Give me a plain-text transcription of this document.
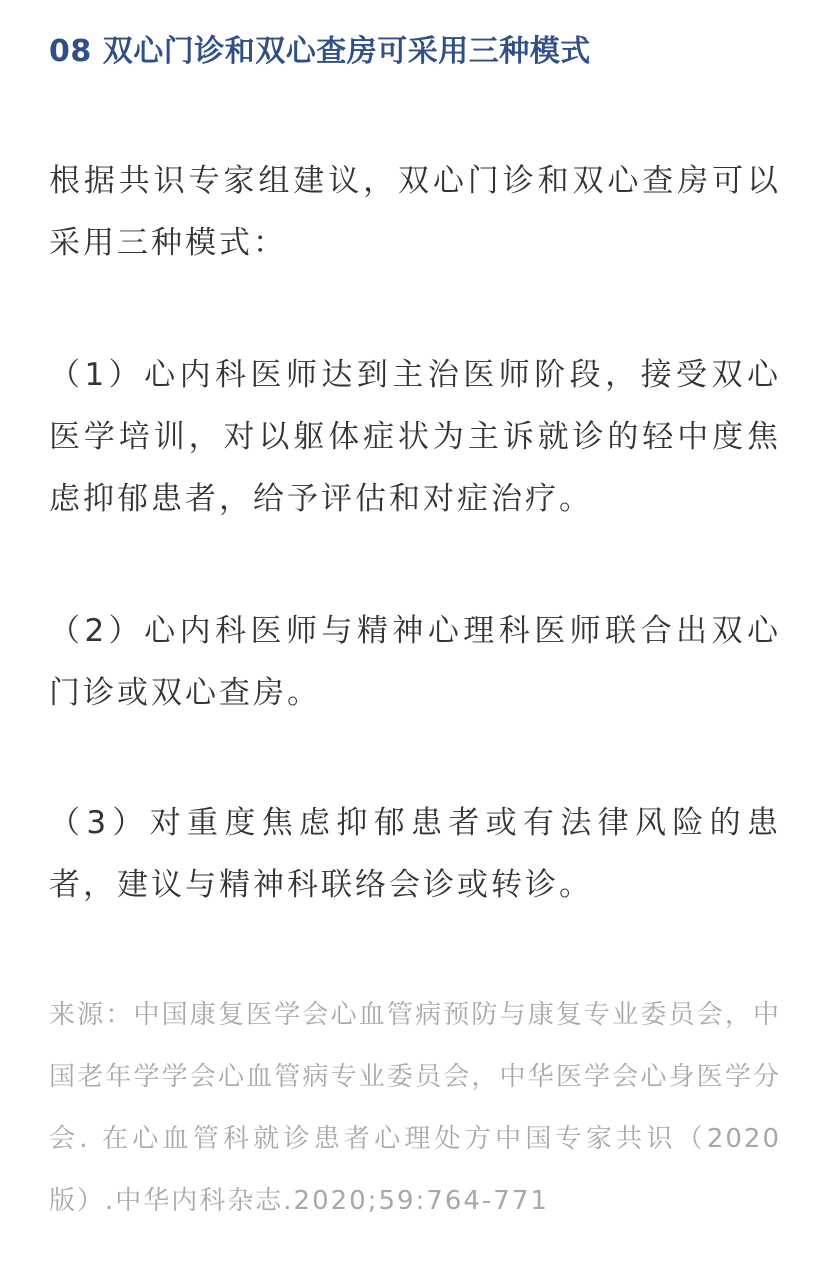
08 双心门诊和双心查房可采用三种模式

根据共识专家组建议，双心门诊和双心查房可以采用三种模式：

（1）心内科医师达到主治医师阶段，接受双心医学培训，对以躯体症状为主诉就诊的轻中度焦虑抑郁患者，给予评估和对症治疗。

（2）心内科医师与精神心理科医师联合出双心门诊或双心查房。

（3）对重度焦虑抑郁患者或有法律风险的患者，建议与精神科联络会诊或转诊。

来源：中国康复医学会心血管病预防与康复专业委员会，中国老年学学会心血管病专业委员会，中华医学会心身医学分会. 在心血管科就诊患者心理处方中国专家共识（2020版）.中华内科杂志.2020;59:764-771
